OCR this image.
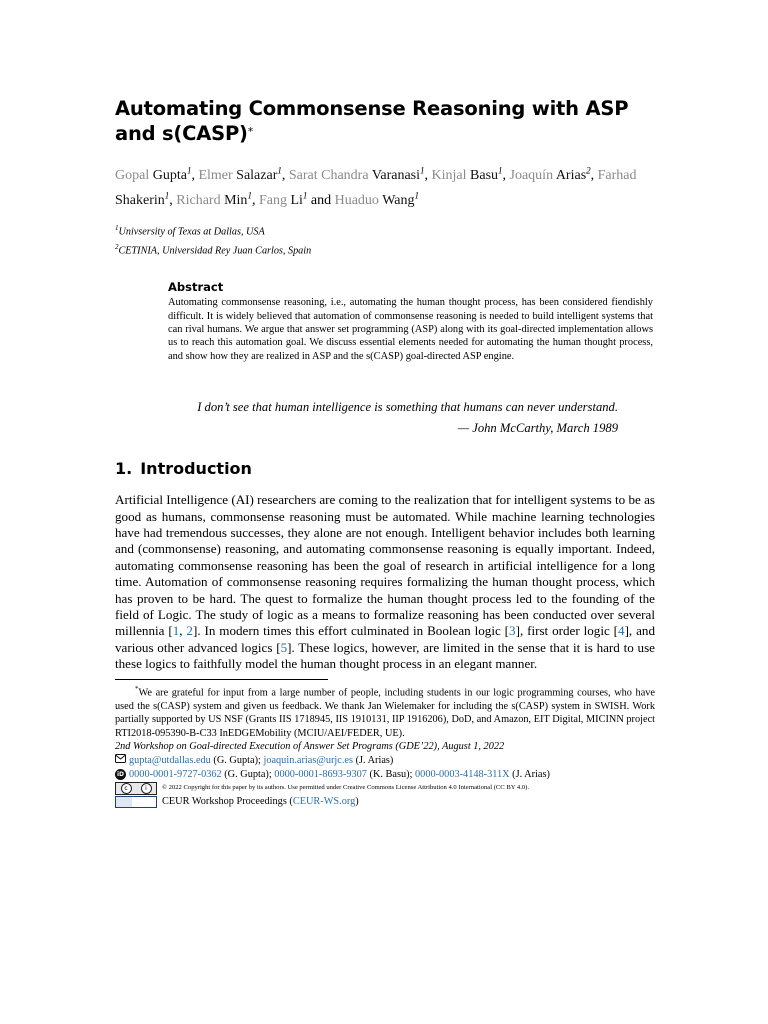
Automating Commonsense Reasoning with ASP and s(CASP)*
Gopal Gupta$^1$, Elmer Salazar$^1$, Sarat Chandra Varanasi$^1$, Kinjal Basu$^1$, Joaquín Arias$^2$, Farhad Shakerin$^1$, Richard Min$^1$, Fang Li$^1$ and Huaduo Wang$^1$
$^1$Univsersity of Texas at Dallas, USA
$^2$CETINIA, Universidad Rey Juan Carlos, Spain
Abstract

Automating commonsense reasoning, i.e., automating the human thought process, has been considered fiendishly difficult. It is widely believed that automation of commonsense reasoning is needed to build intelligent systems that can rival humans. We argue that answer set programming (ASP) along with its goal-directed implementation allows us to reach this automation goal. We discuss essential elements needed for automating the human thought process, and show how they are realized in ASP and the s(CASP) goal-directed ASP engine.

I don’t see that human intelligence is something that humans can never understand.
— John McCarthy, March 1989
1. Introduction
Artificial Intelligence (AI) researchers are coming to the realization that for intelligent systems to be as good as humans, commonsense reasoning must be automated. While machine learning technologies have had tremendous successes, they alone are not enough. Intelligent behavior includes both learning and (commonsense) reasoning, and automating commonsense reasoning is equally important. Indeed, automating commonsense reasoning has been the goal of research in artificial intelligence for a long time. Automation of commonsense reasoning requires formalizing the human thought process, which has proven to be hard. The quest to formalize the human thought process led to the founding of the field of Logic. The study of logic as a means to formalize reasoning has been conducted over several millennia [1, 2]. In modern times this effort culminated in Boolean logic [3], first order logic [4], and various other advanced logics [5]. These logics, however, are limited in the sense that it is hard to use these logics to faithfully model the human thought process in an elegant manner.
*We are grateful for input from a large number of people, including students in our logic programming courses, who have used the s(CASP) system and given us feedback. We thank Jan Wielemaker for including the s(CASP) system in SWISH. Work partially supported by US NSF (Grants IIS 1718945, IIS 1910131, IIP 1916206), DoD, and Amazon, EIT Digital, MICINN project RTI2018-095390-B-C33 InEDGEMobility (MCIU/AEI/FEDER, UE).
2nd Workshop on Goal-directed Execution of Answer Set Programs (GDE’22), August 1, 2022
gupta@utdallas.edu (G. Gupta); joaquin.arias@urjc.es (J. Arias)
iD 0000-0001-9727-0362 (G. Gupta); 0000-0001-8693-9307 (K. Basu); 0000-0003-4148-311X (J. Arias)
c	i	© 2022 Copyright for this paper by its authors. Use permitted under Creative Commons License Attribution 4.0 International (CC BY 4.0).
CEUR Workshop Proceedings ( CEUR-WS.org )
